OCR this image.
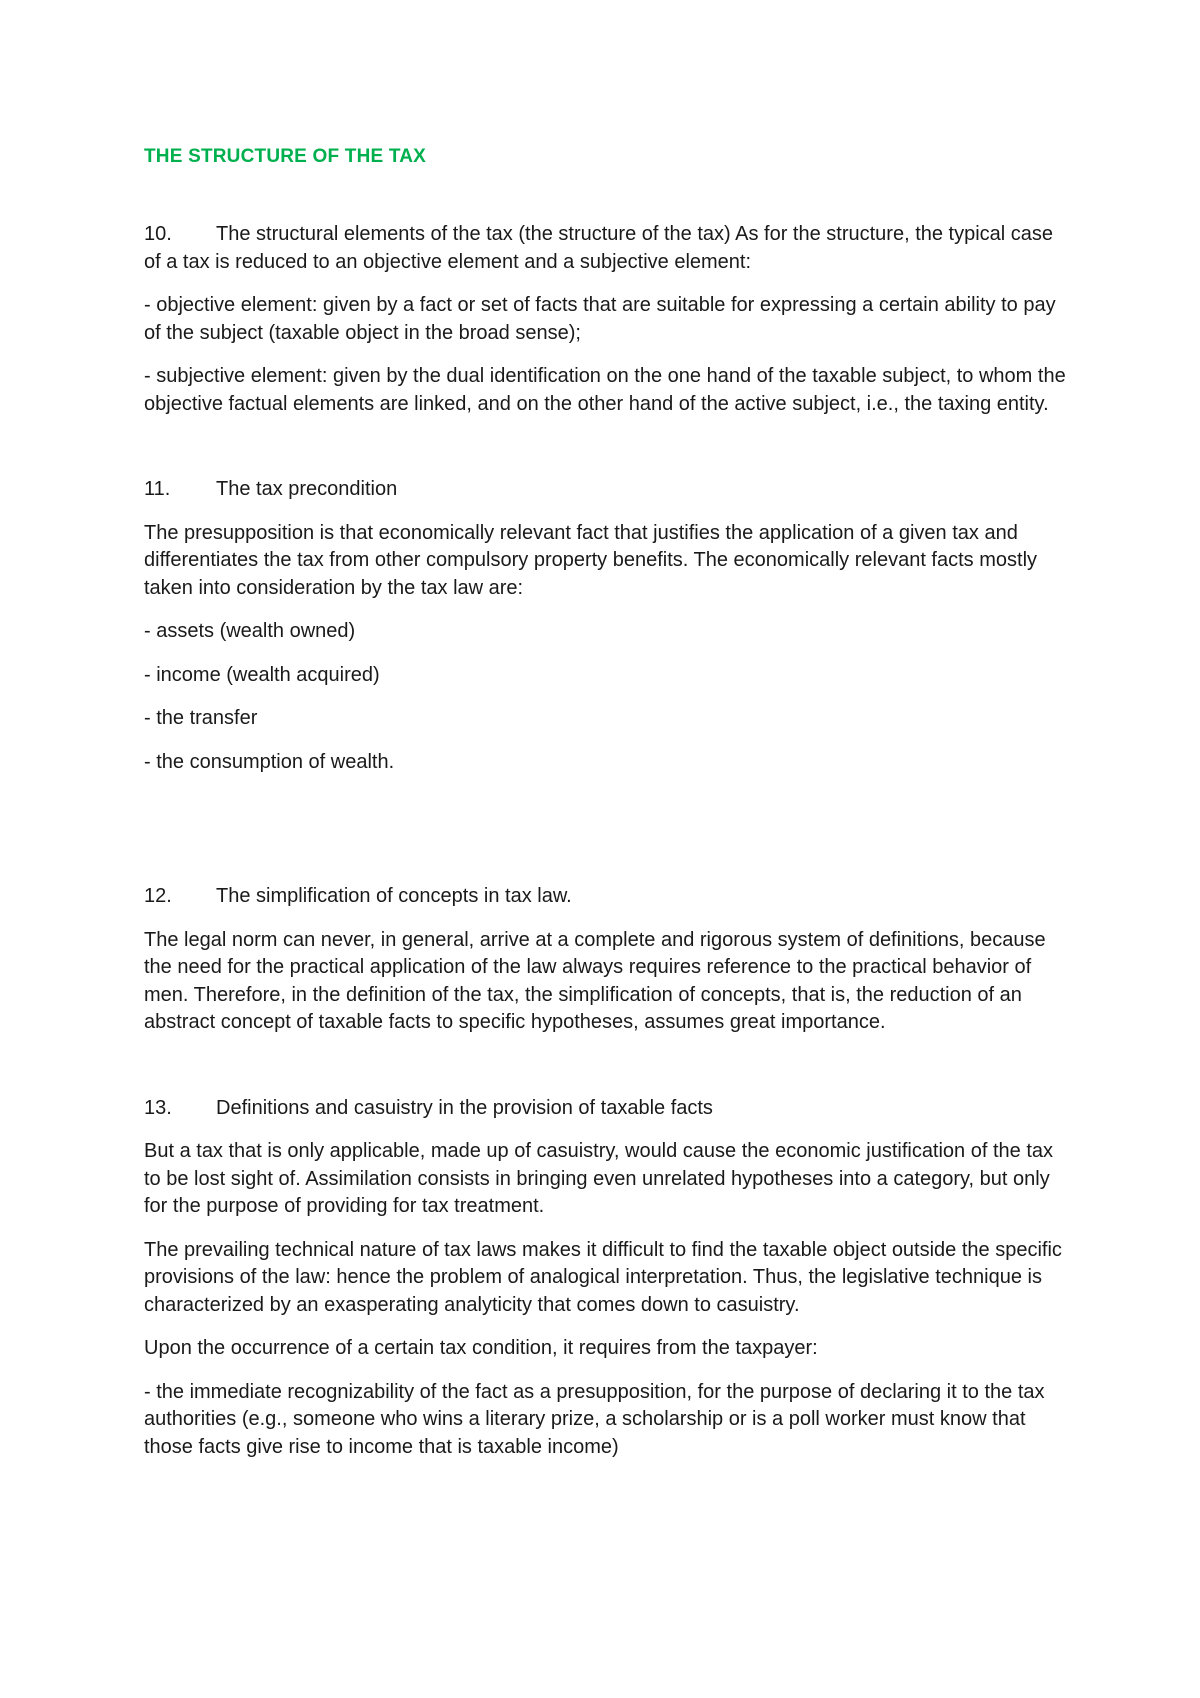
THE STRUCTURE OF THE TAX

10. The structural elements of the tax (the structure of the tax) As for the structure, the typical case of a tax is reduced to an objective element and a subjective element:

- objective element: given by a fact or set of facts that are suitable for expressing a certain ability to pay of the subject (taxable object in the broad sense);

- subjective element: given by the dual identification on the one hand of the taxable subject, to whom the objective factual elements are linked, and on the other hand of the active subject, i.e., the taxing entity.

11.	The tax precondition

The presupposition is that economically relevant fact that justifies the application of a given tax and differentiates the tax from other compulsory property benefits. The economically relevant facts mostly taken into consideration by the tax law are:

- assets (wealth owned)

- income (wealth acquired)

- the transfer

- the consumption of wealth.

12.	The simplification of concepts in tax law.

The legal norm can never, in general, arrive at a complete and rigorous system of definitions, because the need for the practical application of the law always requires reference to the practical behavior of men. Therefore, in the definition of the tax, the simplification of concepts, that is, the reduction of an abstract concept of taxable facts to specific hypotheses, assumes great importance.

13.	Definitions and casuistry in the provision of taxable facts

But a tax that is only applicable, made up of casuistry, would cause the economic justification of the tax to be lost sight of. Assimilation consists in bringing even unrelated hypotheses into a category, but only for the purpose of providing for tax treatment.

The prevailing technical nature of tax laws makes it difficult to find the taxable object outside the specific provisions of the law: hence the problem of analogical interpretation. Thus, the legislative technique is characterized by an exasperating analyticity that comes down to casuistry.

Upon the occurrence of a certain tax condition, it requires from the taxpayer:

- the immediate recognizability of the fact as a presupposition, for the purpose of declaring it to the tax authorities (e.g., someone who wins a literary prize, a scholarship or is a poll worker must know that those facts give rise to income that is taxable income)
